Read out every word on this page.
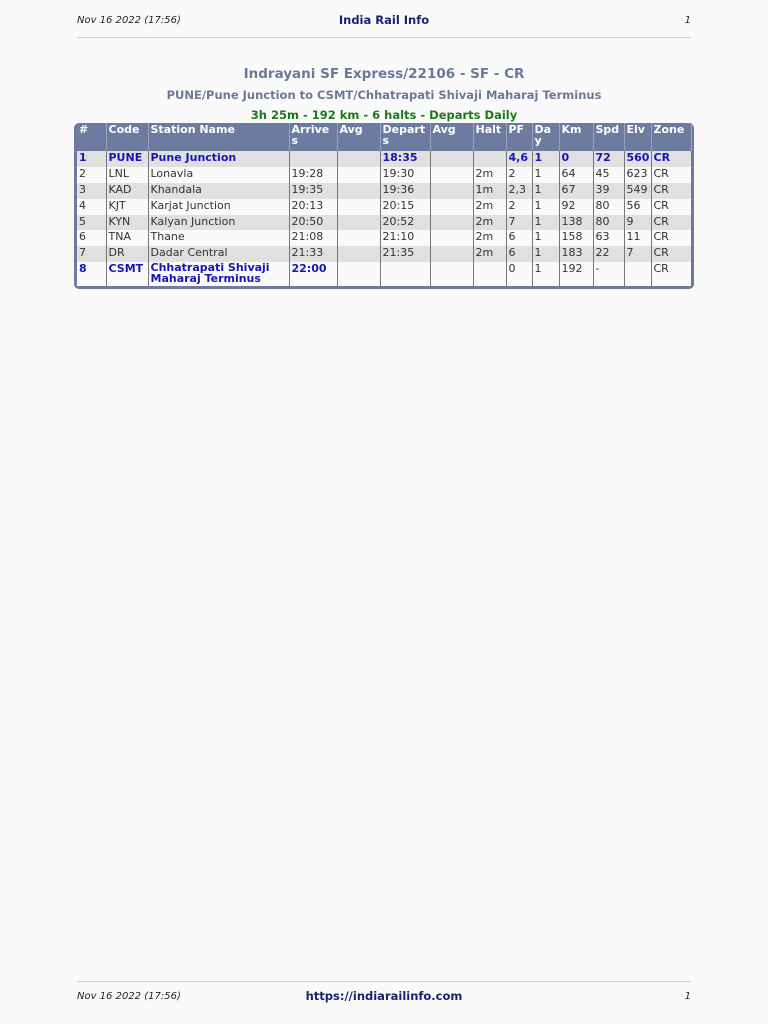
Nov 16 2022 (17:56)	India Rail Info	1
Indrayani SF Express/22106 - SF - CR
PUNE/Pune Junction to CSMT/Chhatrapati Shivaji Maharaj Terminus
3h 25m - 192 km - 6 halts - Departs Daily
#	Code	Station Name	Arrives	Avg	Departs	Avg	Halt	PF	Day	Km	Spd	Elv	Zone
1	PUNE	Pune Junction			18:35			4,6	1	0	72	560	CR
2	LNL	Lonavla	19:28		19:30		2m	2	1	64	45	623	CR
3	KAD	Khandala	19:35		19:36		1m	2,3	1	67	39	549	CR
4	KJT	Karjat Junction	20:13		20:15		2m	2	1	92	80	56	CR
5	KYN	Kalyan Junction	20:50		20:52		2m	7	1	138	80	9	CR
6	TNA	Thane	21:08		21:10		2m	6	1	158	63	11	CR
7	DR	Dadar Central	21:33		21:35		2m	6	1	183	22	7	CR
8	CSMT	Chhatrapati Shivaji Maharaj Terminus	22:00					0	1	192	-		CR
Nov 16 2022 (17:56)	https://indiarailinfo.com	1
